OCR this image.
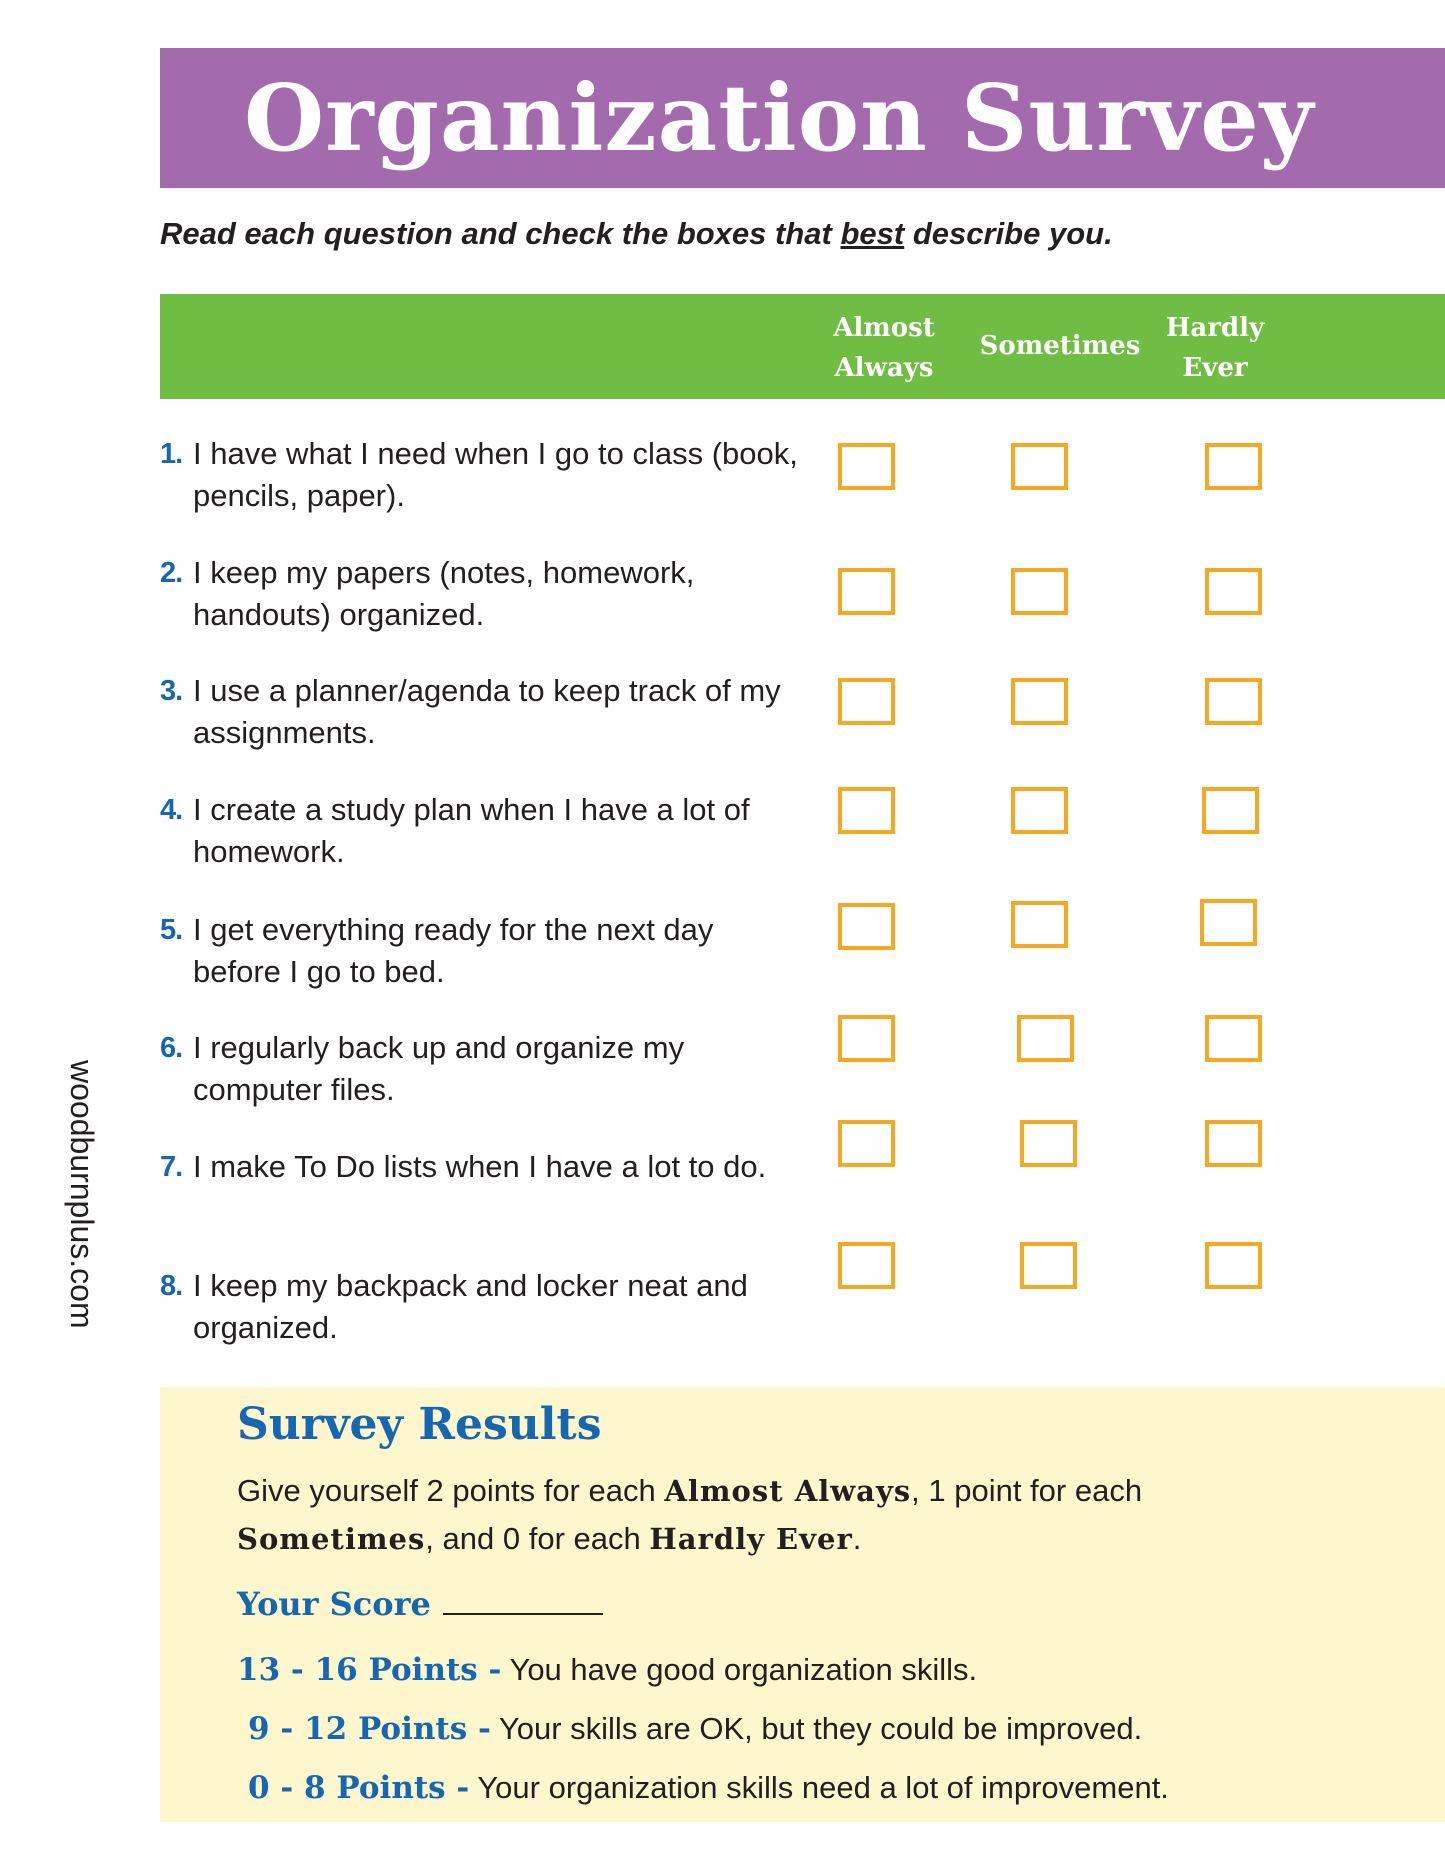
Organization Survey
Read each question and check the boxes that best describe you.
Almost
Always
Sometimes
Hardly
Ever
1. I have what I need when I go to class (book, pencils, paper).
2. I keep my papers (notes, homework, handouts) organized.
3. I use a planner/agenda to keep track of my assignments.
4. I create a study plan when I have a lot of homework.
5. I get everything ready for the next day before I go to bed.
6. I regularly back up and organize my computer files.
7. I make To Do lists when I have a lot to do.
8. I keep my backpack and locker neat and organized.
woodburnplus.com
Survey Results
Give yourself 2 points for each Almost Always, 1 point for each Sometimes, and 0 for each Hardly Ever.
Your Score
13 - 16 Points - You have good organization skills.
9 - 12 Points - Your skills are OK, but they could be improved.
0 - 8 Points - Your organization skills need a lot of improvement.
